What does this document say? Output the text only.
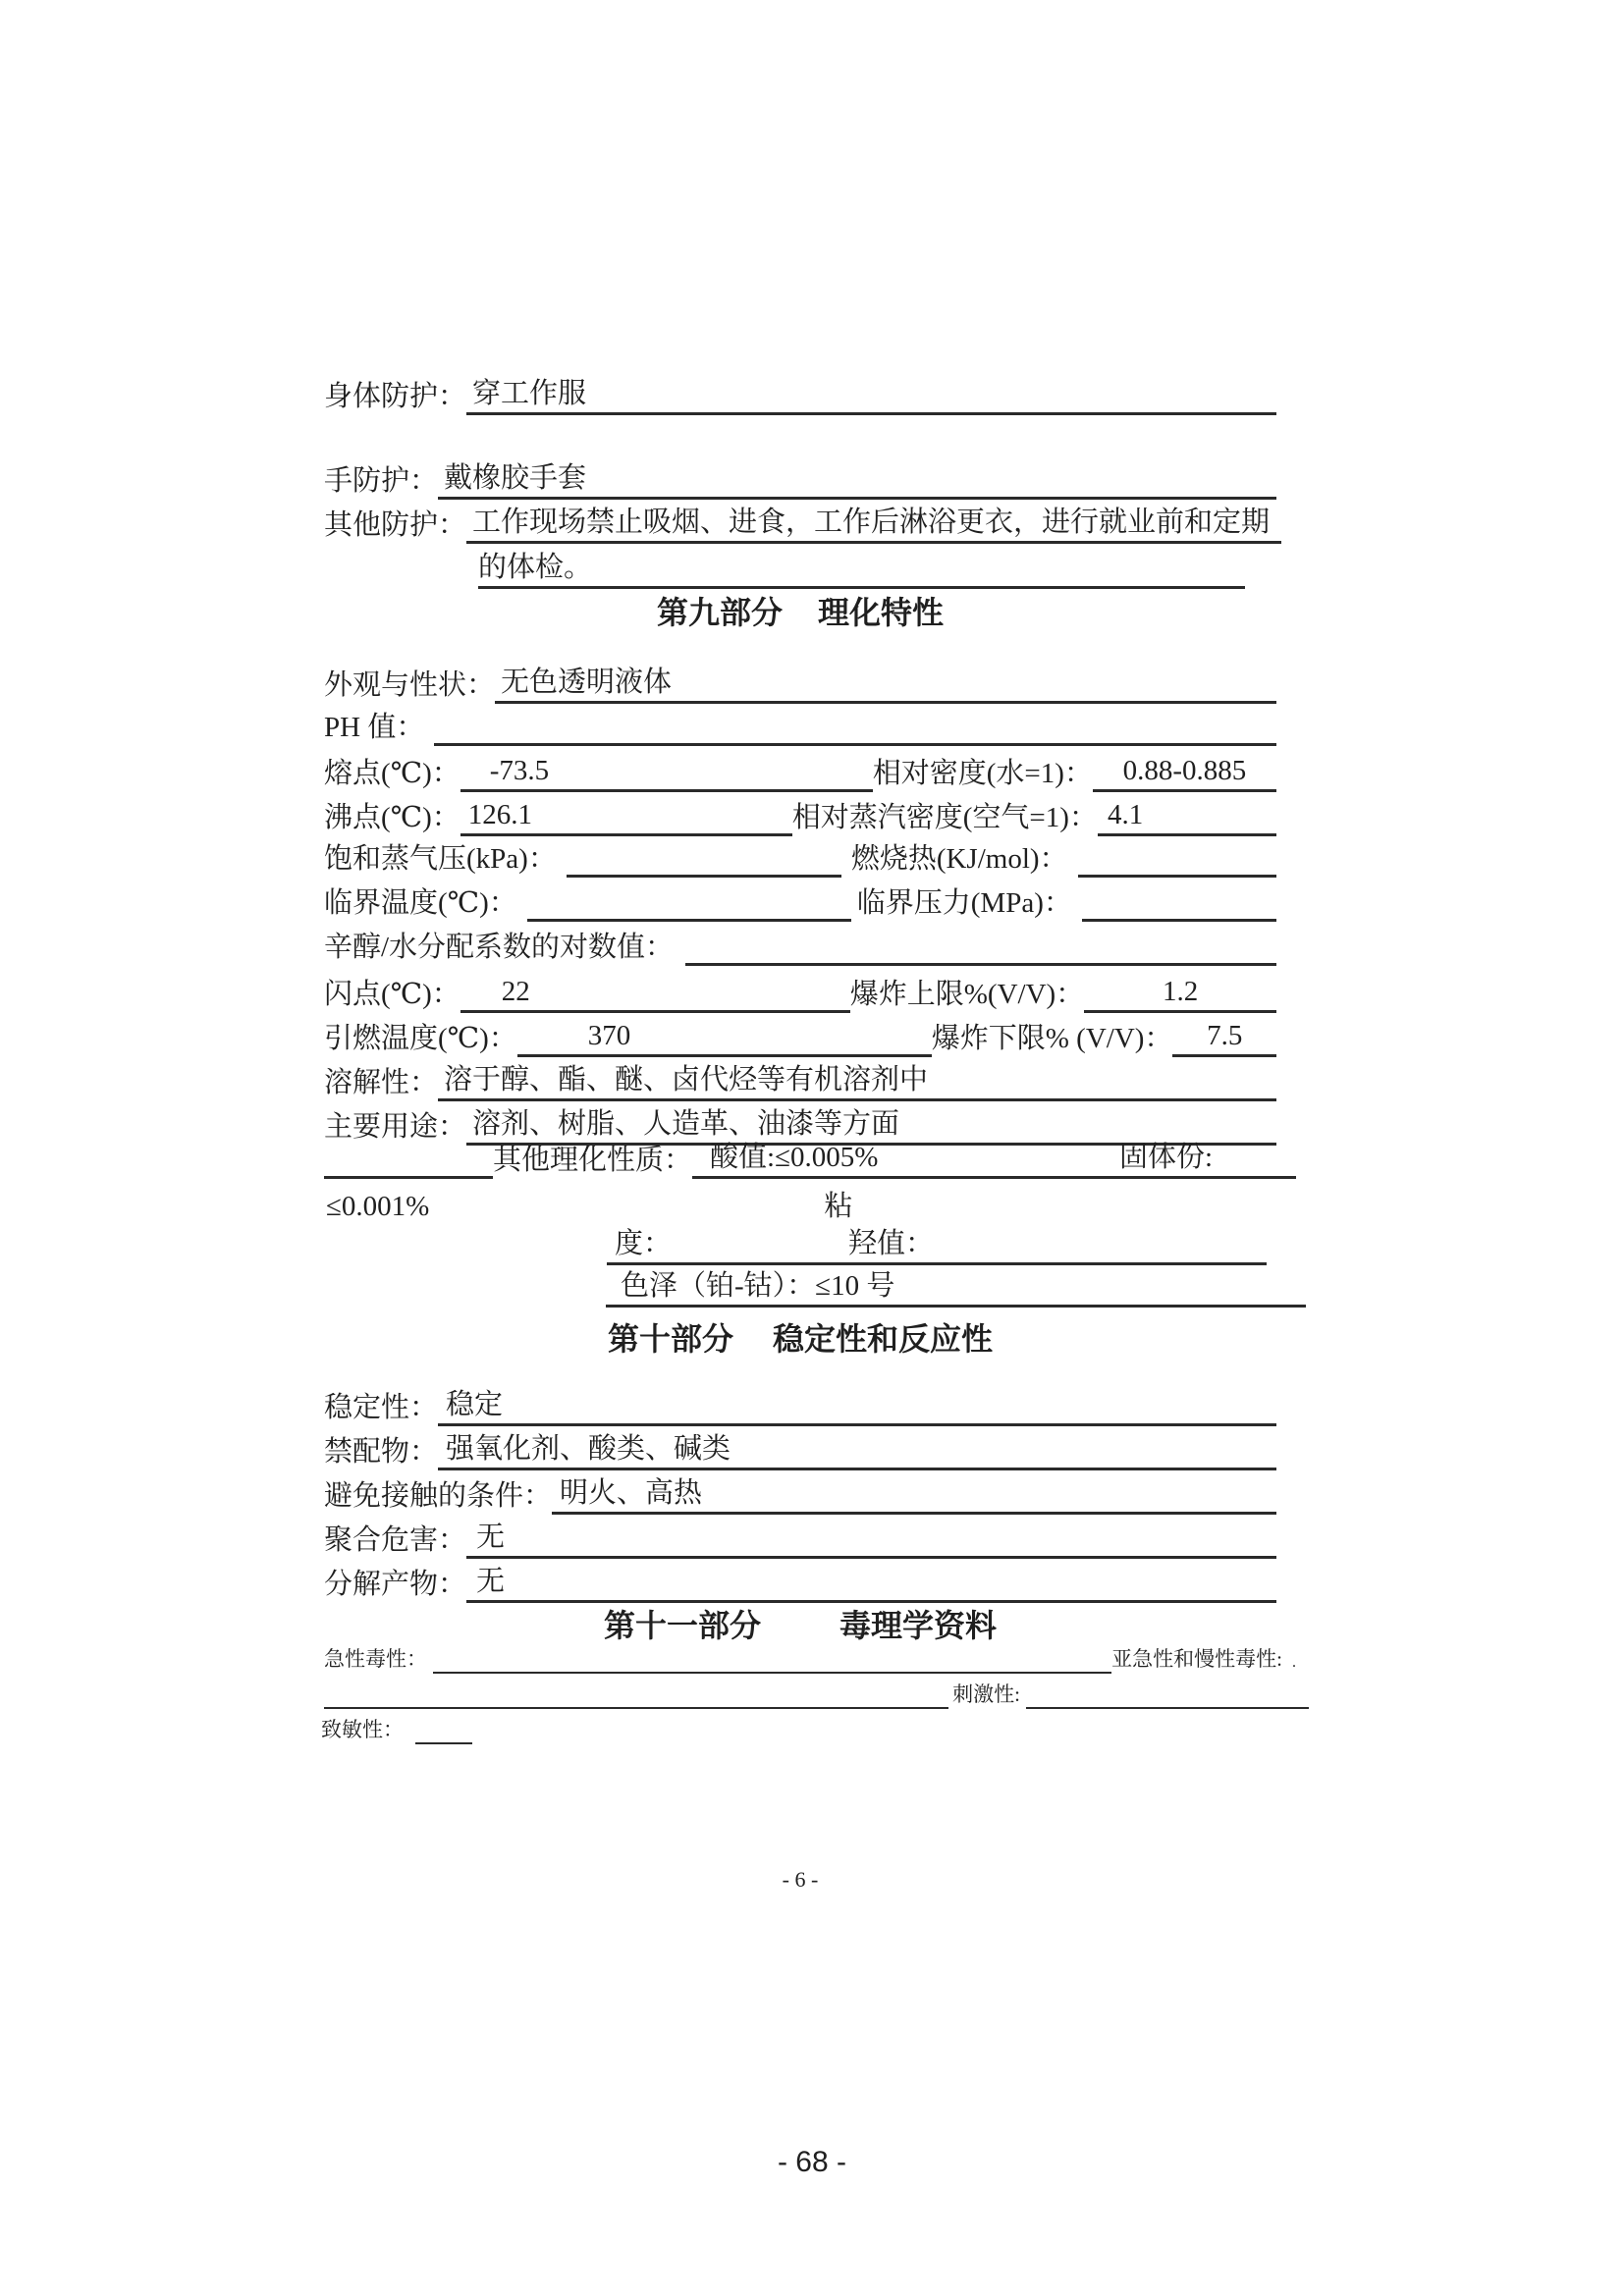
身体防护： 穿工作服
手防护： 戴橡胶手套
其他防护： 工作现场禁止吸烟、进食，工作后淋浴更衣，进行就业前和定期
的体检。
第九部分 理化特性
外观与性状： 无色透明液体
PH 值：
熔点(℃)：	-73.5	相对密度(水=1)：	0.88-0.885
沸点(℃)： 126.1	相对蒸汽密度(空气=1)： 4.1
饱和蒸气压(kPa)：	燃烧热(KJ/mol)：
临界温度(℃)：	临界压力(MPa)：
辛醇/水分配系数的对数值：
闪点(℃)：	22	爆炸上限%(V/V)：	1.2
引燃温度(℃)：	370	爆炸下限% (V/V)：	7.5
溶解性： 溶于醇、酯、醚、卤代烃等有机溶剂中
主要用途： 溶剂、树脂、人造革、油漆等方面
其他理化性质： 酸值:≤0.005%	固体份:
≤0.001%	粘
度：	羟值：
色泽（铂-钴）：≤10 号
第十部分 稳定性和反应性
稳定性： 稳定
禁配物： 强氧化剂、酸类、碱类
避免接触的条件： 明火、高热
聚合危害： 无
分解产物： 无
第十一部分	毒理学资料
急性毒性：	亚急性和慢性毒性: .
刺激性:
致敏性：
- 6 -
- 68 -
